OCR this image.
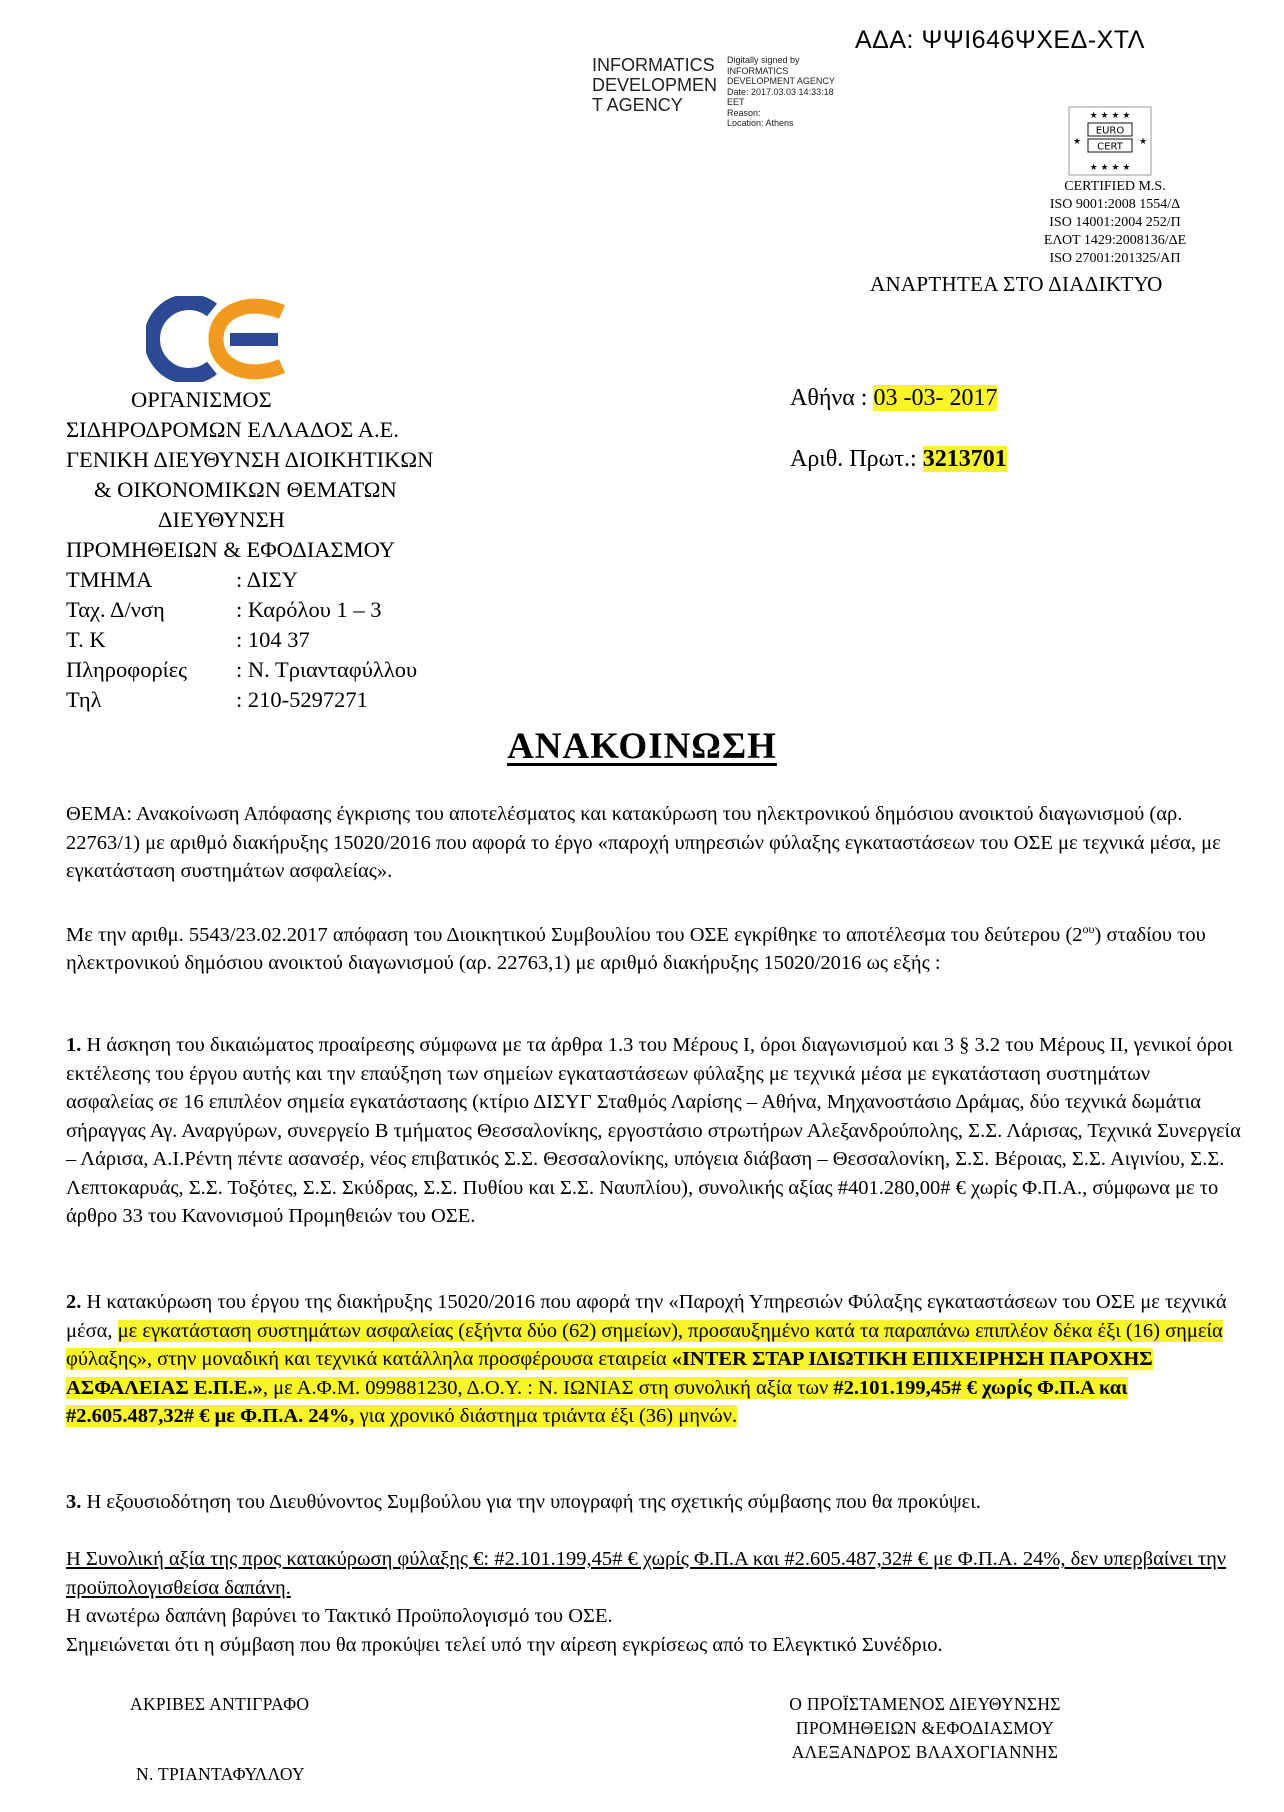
ΑΔΑ: ΨΨΙ646ΨΧΕΔ-ΧΤΛ
INFORMATICS
DEVELOPMEN
T AGENCY
Digitally signed by
INFORMATICS
DEVELOPMENT AGENCY
Date: 2017.03.03 14:33:18
EET
Reason:
Location: Athens
★ ★ ★ ★
★ ★ ★ ★
★	★
EURO
CERT
CERTIFIED M.S.
ISO 9001:2008 1554/Δ
ISO 14001:2004 252/Π
ΕΛΟΤ 1429:2008136/ΔΕ
ISO 27001:201325/ΑΠ
ΑΝΑΡΤΗΤΕΑ ΣΤΟ ΔΙΑΔΙΚΤΥΟ
ΟΡΓΑΝΙΣΜΟΣ
ΣΙΔΗΡΟΔΡΟΜΩΝ ΕΛΛΑΔΟΣ Α.Ε.
ΓΕΝΙΚΗ ΔΙΕΥΘΥΝΣΗ ΔΙΟΙΚΗΤΙΚΩΝ
& ΟΙΚΟΝΟΜΙΚΩΝ ΘΕΜΑΤΩΝ
ΔΙΕΥΘΥΝΣΗ
ΠΡΟΜΗΘΕΙΩΝ & ΕΦΟΔΙΑΣΜΟΥ
ΤΜΗΜΑ	: ΔΙΣΥ
Ταχ. Δ/νση	: Καρόλου 1 – 3
Τ. Κ	: 104 37
Πληροφορίες	: Ν. Τριανταφύλλου
Τηλ	: 210-5297271
Αθήνα : 03 -03- 2017
Αριθ. Πρωτ.: 3213701
ΑΝΑΚΟΙΝΩΣΗ

ΘΕΜΑ: Ανακοίνωση Απόφασης έγκρισης του αποτελέσματος και κατακύρωση του ηλεκτρονικού δημόσιου ανοικτού διαγωνισμού (αρ. 22763/1) με αριθμό διακήρυξης 15020/2016 που αφορά το έργο «παροχή υπηρεσιών φύλαξης εγκαταστάσεων του ΟΣΕ με τεχνικά μέσα, με εγκατάσταση συστημάτων ασφαλείας».

Με την αριθμ. 5543/23.02.2017 απόφαση του Διοικητικού Συμβουλίου του ΟΣΕ εγκρίθηκε το αποτέλεσμα του δεύτερου $(2^{o\upsilon})$ σταδίου του ηλεκτρονικού δημόσιου ανοικτού διαγωνισμού (αρ. 22763,1) με αριθμό διακήρυξης 15020/2016 ως εξής :

1. Η άσκηση του δικαιώματος προαίρεσης σύμφωνα με τα άρθρα 1.3 του Μέρους Ι, όροι διαγωνισμού και 3 § 3.2 του Μέρους ΙΙ, γενικοί όροι εκτέλεσης του έργου αυτής και την επαύξηση των σημείων εγκαταστάσεων φύλαξης με τεχνικά μέσα με εγκατάσταση συστημάτων ασφαλείας σε 16 επιπλέον σημεία εγκατάστασης (κτίριο ΔΙΣΥΓ Σταθμός Λαρίσης – Αθήνα, Μηχανοστάσιο Δράμας, δύο τεχνικά δωμάτια σήραγγας Αγ. Αναργύρων, συνεργείο Β τμήματος Θεσσαλονίκης, εργοστάσιο στρωτήρων Αλεξανδρούπολης, Σ.Σ. Λάρισας, Τεχνικά Συνεργεία – Λάρισα, Α.Ι.Ρέντη πέντε ασανσέρ, νέος επιβατικός Σ.Σ. Θεσσαλονίκης, υπόγεια διάβαση – Θεσσαλονίκη, Σ.Σ. Βέροιας, Σ.Σ. Αιγινίου, Σ.Σ. Λεπτοκαρυάς, Σ.Σ. Τοξότες, Σ.Σ. Σκύδρας, Σ.Σ. Πυθίου και Σ.Σ. Ναυπλίου), συνολικής αξίας #401.280,00# € χωρίς Φ.Π.Α., σύμφωνα με το άρθρο 33 του Κανονισμού Προμηθειών του ΟΣΕ.

2. Η κατακύρωση του έργου της διακήρυξης 15020/2016 που αφορά την «Παροχή Υπηρεσιών Φύλαξης εγκαταστάσεων του ΟΣΕ με τεχνικά μέσα, με εγκατάσταση συστημάτων ασφαλείας (εξήντα δύο (62) σημείων), προσαυξημένο κατά τα παραπάνω επιπλέον δέκα έξι (16) σημεία φύλαξης», στην μοναδική και τεχνικά κατάλληλα προσφέρουσα εταιρεία «INTER ΣΤΑΡ ΙΔΙΩΤΙΚΗ ΕΠΙΧΕΙΡΗΣΗ ΠΑΡΟΧΗΣ ΑΣΦΑΛΕΙΑΣ Ε.Π.Ε.», με Α.Φ.Μ. 099881230, Δ.Ο.Υ. : Ν. ΙΩΝΙΑΣ στη συνολική αξία των #2.101.199,45# € χωρίς Φ.Π.Α και #2.605.487,32# € με Φ.Π.Α. 24%, για χρονικό διάστημα τριάντα έξι (36) μηνών.

3. Η εξουσιοδότηση του Διευθύνοντος Συμβούλου για την υπογραφή της σχετικής σύμβασης που θα προκύψει.

Η Συνολική αξία της προς κατακύρωση φύλαξης €: #2.101.199,45# € χωρίς Φ.Π.Α και #2.605.487,32# € με Φ.Π.Α. 24%, δεν υπερβαίνει την προϋπολογισθείσα δαπάνη.

Η ανωτέρω δαπάνη βαρύνει το Τακτικό Προϋπολογισμό του ΟΣΕ.

Σημειώνεται ότι η σύμβαση που θα προκύψει τελεί υπό την αίρεση εγκρίσεως από το Ελεγκτικό Συνέδριο.

ΑΚΡΙΒΕΣ ΑΝΤΙΓΡΑΦΟ
Ν. ΤΡΙΑΝΤΑΦΥΛΛΟΥ
Ο ΠΡΟΪΣΤΑΜΕΝΟΣ ΔΙΕΥΘΥΝΣΗΣ
ΠΡΟΜΗΘΕΙΩΝ &ΕΦΟΔΙΑΣΜΟΥ
ΑΛΕΞΑΝΔΡΟΣ ΒΛΑΧΟΓΙΑΝΝΗΣ
